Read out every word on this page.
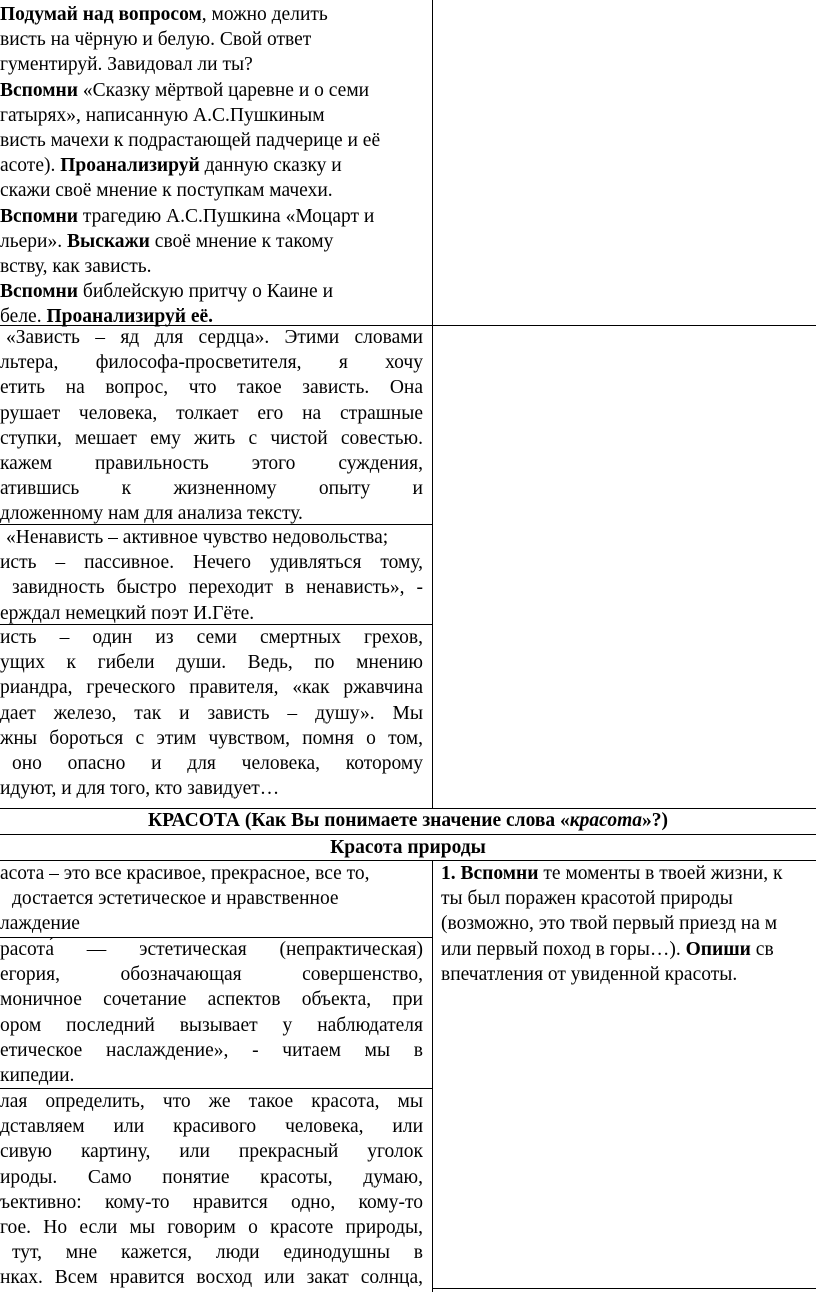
Подумай над вопросом, можно делить
висть на чёрную и белую. Свой ответ
гументируй. Завидовал ли ты?
Вспомни «Сказку мёртвой царевне и о семи
гатырях», написанную А.С.Пушкиным
висть мачехи к подрастающей падчерице и её
асоте). Проанализируй данную сказку и
скажи своё мнение к поступкам мачехи.
Вспомни трагедию А.С.Пушкина «Моцарт и
льери». Выскажи своё мнение к такому
вству, как зависть.
Вспомни библейскую притчу о Каине и
беле. Проанализируй её.
«Зависть – яд для сердца». Этими словами
льтера, философа-просветителя, я хочу
етить на вопрос, что такое зависть. Она
рушает человека, толкает его на страшные
ступки, мешает ему жить с чистой совестью.
кажем правильность этого суждения,
атившись к жизненному опыту и
дложенному нам для анализа тексту.
«Ненависть – активное чувство недовольства;
исть – пассивное. Нечего удивляться тому,
завидность быстро переходит в ненависть», -
ерждал немецкий поэт И.Гёте.
исть – один из семи смертных грехов,
ущих к гибели души. Ведь, по мнению
риандра, греческого правителя, «как ржавчина
дает железо, так и зависть – душу». Мы
жны бороться с этим чувством, помня о том,
оно опасно и для человека, которому
идуют, и для того, кто завидует…
КРАСОТА (Как Вы понимаете значение слова «красота»?)
Красота природы
асота – это все красивое, прекрасное, все то,
достается эстетическое и нравственное
лаждение
расота́ — эстетическая (непрактическая)
егория, обозначающая совершенство,
моничное сочетание аспектов объекта, при
ором последний вызывает у наблюдателя
етическое наслаждение», - читаем мы в
кипедии.
лая определить, что же такое красота, мы
дставляем или красивого человека, или
сивую картину, или прекрасный уголок
ироды. Само понятие красоты, думаю,
ъективно: кому-то нравится одно, кому-то
гое. Но если мы говорим о красоте природы,
тут, мне кажется, люди единодушны в
нках. Всем нравится восход или закат солнца,
1. Вспомни те моменты в твоей жизни, к
ты был поражен красотой природы
(возможно, это твой первый приезд на м
или первый поход в горы…). Опиши св
впечатления от увиденной красоты.
